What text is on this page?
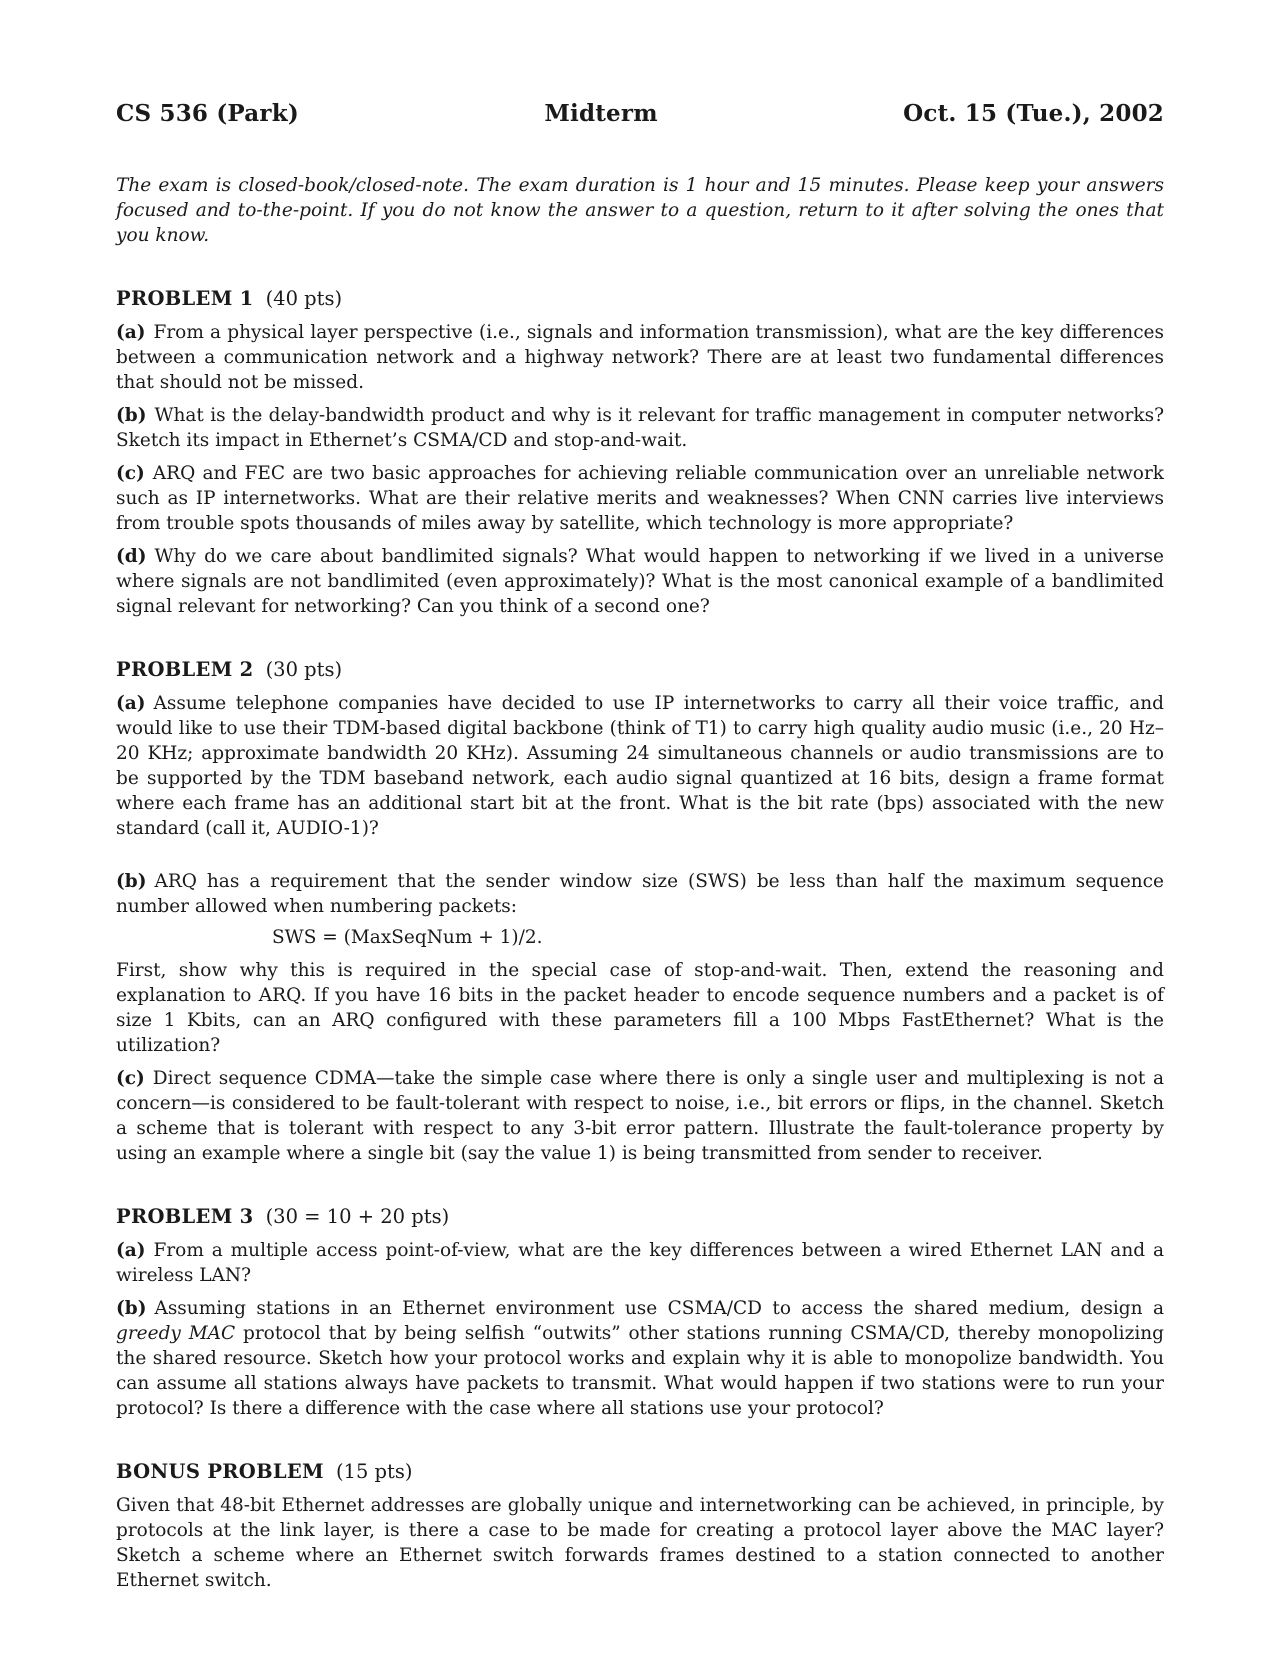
CS 536 (Park)	Midterm	Oct. 15 (Tue.), 2002

The exam is closed-book/closed-note. The exam duration is 1 hour and 15 minutes. Please keep your answers focused and to-the-point. If you do not know the answer to a question, return to it after solving the ones that you know.

PROBLEM 1 (40 pts)

(a) From a physical layer perspective (i.e., signals and information transmission), what are the key differences between a communication network and a highway network? There are at least two fundamental differences that should not be missed.

(b) What is the delay-bandwidth product and why is it relevant for traffic management in computer networks? Sketch its impact in Ethernet’s CSMA/CD and stop-and-wait.

(c) ARQ and FEC are two basic approaches for achieving reliable communication over an unreliable network such as IP internetworks. What are their relative merits and weaknesses? When CNN carries live interviews from trouble spots thousands of miles away by satellite, which technology is more appropriate?

(d) Why do we care about bandlimited signals? What would happen to networking if we lived in a universe where signals are not bandlimited (even approximately)? What is the most canonical example of a bandlimited signal relevant for networking? Can you think of a second one?

PROBLEM 2 (30 pts)

(a) Assume telephone companies have decided to use IP internetworks to carry all their voice traffic, and would like to use their TDM-based digital backbone (think of T1) to carry high quality audio music (i.e., 20 Hz–20 KHz; approximate bandwidth 20 KHz). Assuming 24 simultaneous channels or audio transmissions are to be supported by the TDM baseband network, each audio signal quantized at 16 bits, design a frame format where each frame has an additional start bit at the front. What is the bit rate (bps) associated with the new standard (call it, AUDIO-1)?

(b) ARQ has a requirement that the sender window size (SWS) be less than half the maximum sequence number allowed when numbering packets:

SWS = (MaxSeqNum + 1)/2.

First, show why this is required in the special case of stop-and-wait. Then, extend the reasoning and explanation to ARQ. If you have 16 bits in the packet header to encode sequence numbers and a packet is of size 1 Kbits, can an ARQ configured with these parameters fill a 100 Mbps FastEthernet? What is the utilization?

(c) Direct sequence CDMA—take the simple case where there is only a single user and multiplexing is not a concern—is considered to be fault-tolerant with respect to noise, i.e., bit errors or flips, in the channel. Sketch a scheme that is tolerant with respect to any 3-bit error pattern. Illustrate the fault-tolerance property by using an example where a single bit (say the value 1) is being transmitted from sender to receiver.

PROBLEM 3 (30 = 10 + 20 pts)

(a) From a multiple access point-of-view, what are the key differences between a wired Ethernet LAN and a wireless LAN?

(b) Assuming stations in an Ethernet environment use CSMA/CD to access the shared medium, design a greedy MAC protocol that by being selfish “outwits” other stations running CSMA/CD, thereby monopolizing the shared resource. Sketch how your protocol works and explain why it is able to monopolize bandwidth. You can assume all stations always have packets to transmit. What would happen if two stations were to run your protocol? Is there a difference with the case where all stations use your protocol?

BONUS PROBLEM (15 pts)

Given that 48-bit Ethernet addresses are globally unique and internetworking can be achieved, in principle, by protocols at the link layer, is there a case to be made for creating a protocol layer above the MAC layer? Sketch a scheme where an Ethernet switch forwards frames destined to a station connected to another Ethernet switch.
